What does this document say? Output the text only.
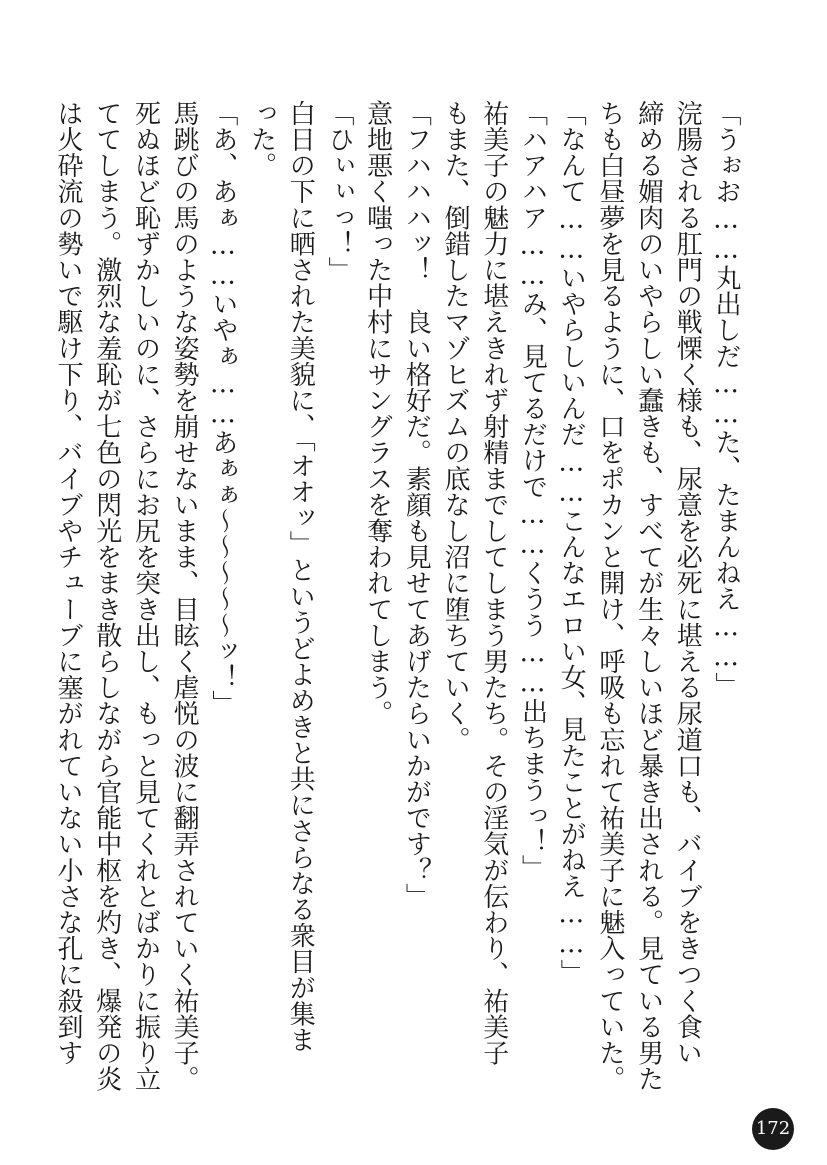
「うぉお……丸出しだ……た、たまんねえ……」
浣腸される肛門の戦慄く様も、尿意を必死に堪える尿道口も、バイブをきつく食い
締める媚肉のいやらしい蠢きも、すべてが生々しいほど暴き出される。見ている男た
ちも白昼夢を見るように、口をポカンと開け、呼吸も忘れて祐美子に魅入っていた。
「なんて……いやらしいんだ……こんなエロい女、見たことがねえ……」
「ハアハア……み、見てるだけで……くうう……出ちまうっ！」
祐美子の魅力に堪えきれず射精までしてしまう男たち。その淫気が伝わり、祐美子
もまた、倒錯したマゾヒズムの底なし沼に堕ちていく。
「フハハハッ！　良い格好だ。素顔も見せてあげたらいかがです？」
意地悪く嗤った中村にサングラスを奪われてしまう。
「ひぃぃっ！」
白日の下に晒された美貌に、「オオッ」というどよめきと共にさらなる衆目が集ま
った。
「あ、あぁ……いやぁ……あぁぁ～～～～～ッ！」
馬跳びの馬のような姿勢を崩せないまま、目眩く虐悦の波に翻弄されていく祐美子。
死ぬほど恥ずかしいのに、さらにお尻を突き出し、もっと見てくれとばかりに振り立
ててしまう。激烈な羞恥が七色の閃光をまき散らしながら官能中枢を灼き、爆発の炎
は火砕流の勢いで駆け下り、バイブやチューブに塞がれていない小さな孔に殺到す
172
